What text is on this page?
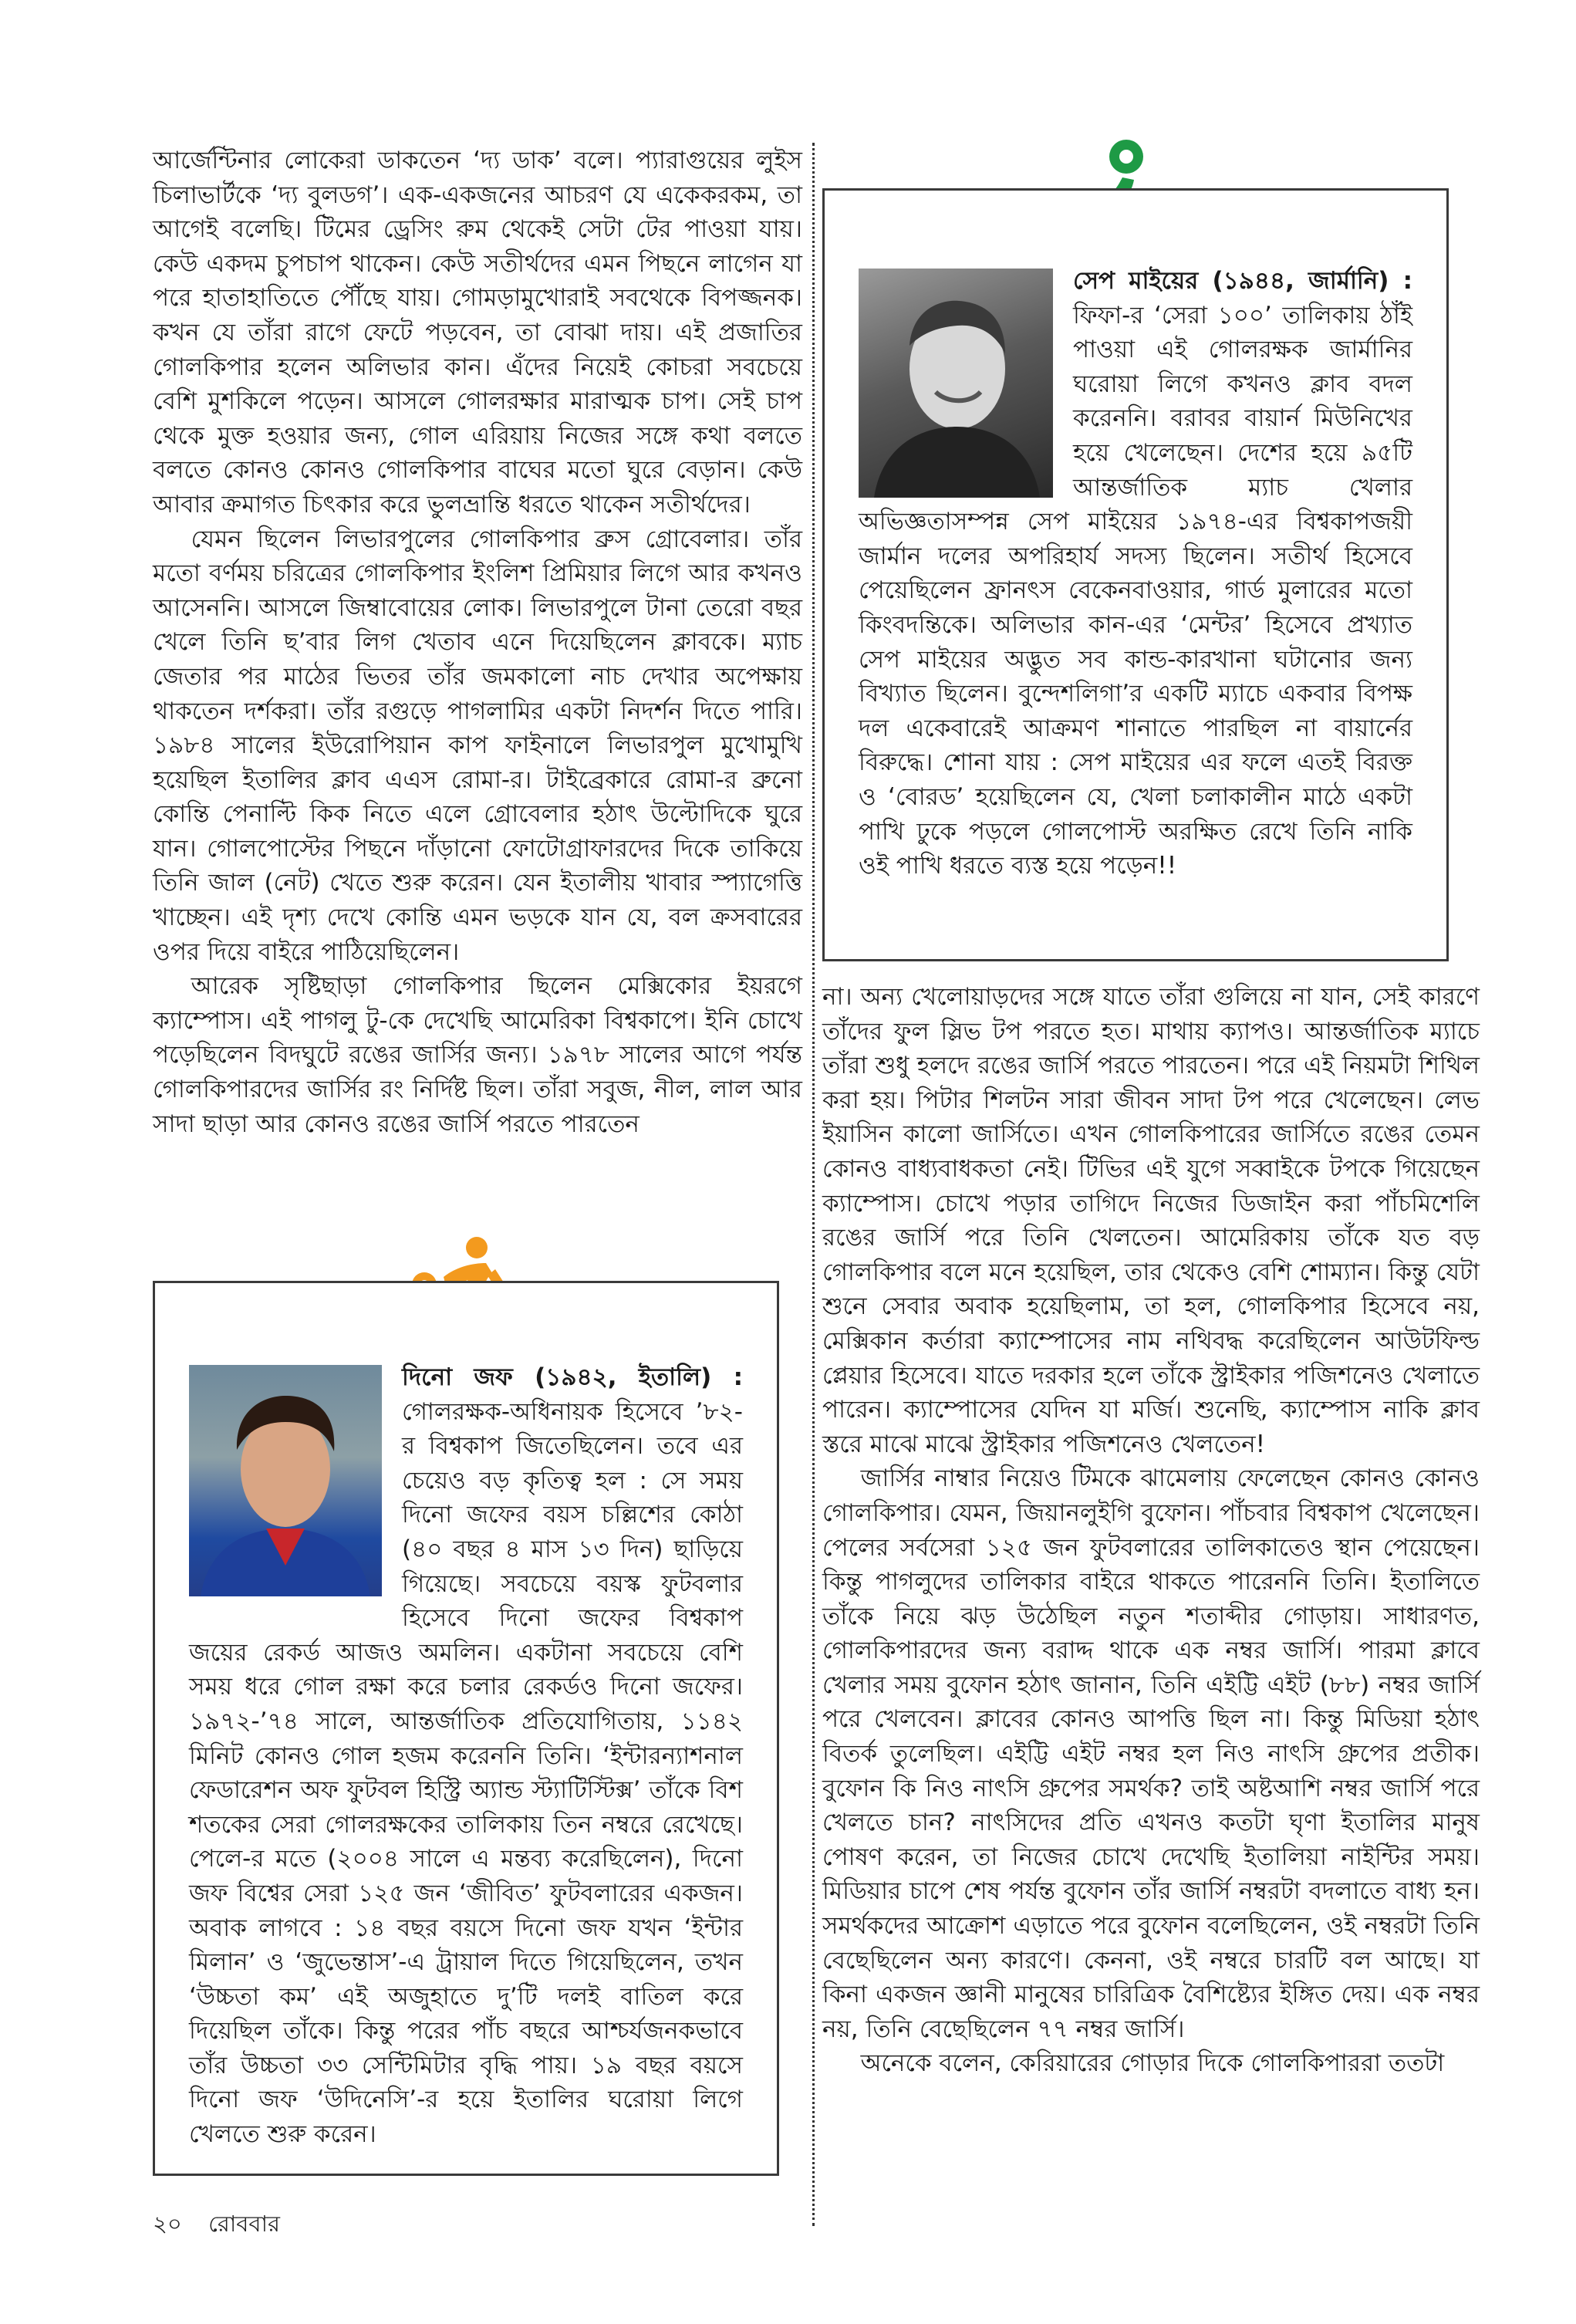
আর্জেন্টিনার লোকেরা ডাকতেন ‘দ্য ডাক’ বলে। প্যারাগুয়ের লুইস চিলাভার্টকে ‘দ্য বুলডগ’। এক-একজনের আচরণ যে একেকরকম, তা আগেই বলেছি। টিমের ড্রেসিং রুম থেকেই সেটা টের পাওয়া যায়। কেউ একদম চুপচাপ থাকেন। কেউ সতীর্থদের এমন পিছনে লাগেন যা পরে হাতাহাতিতে পৌঁছে যায়। গোমড়ামুখোরাই সবথেকে বিপজ্জনক। কখন যে তাঁরা রাগে ফেটে পড়বেন, তা বোঝা দায়। এই প্রজাতির গোলকিপার হলেন অলিভার কান। এঁদের নিয়েই কোচরা সবচেয়ে বেশি মুশকিলে পড়েন। আসলে গোলরক্ষার মারাত্মক চাপ। সেই চাপ থেকে মুক্ত হওয়ার জন্য, গোল এরিয়ায় নিজের সঙ্গে কথা বলতে বলতে কোনও কোনও গোলকিপার বাঘের মতো ঘুরে বেড়ান। কেউ আবার ক্রমাগত চিৎকার করে ভুলভ্রান্তি ধরতে থাকেন সতীর্থদের।

যেমন ছিলেন লিভারপুলের গোলকিপার ব্রুস গ্রোবেলার। তাঁর মতো বর্ণময় চরিত্রের গোলকিপার ইংলিশ প্রিমিয়ার লিগে আর কখনও আসেননি। আসলে জিম্বাবোয়ের লোক। লিভারপুলে টানা তেরো বছর খেলে তিনি ছ’বার লিগ খেতাব এনে দিয়েছিলেন ক্লাবকে। ম্যাচ জেতার পর মাঠের ভিতর তাঁর জমকালো নাচ দেখার অপেক্ষায় থাকতেন দর্শকরা। তাঁর রগুড়ে পাগলামির একটা নিদর্শন দিতে পারি। ১৯৮৪ সালের ইউরোপিয়ান কাপ ফাইনালে লিভারপুল মুখোমুখি হয়েছিল ইতালির ক্লাব এএস রোমা-র। টাইব্রেকারে রোমা-র ব্রুনো কোন্তি পেনাল্টি কিক নিতে এলে গ্রোবেলার হঠাৎ উল্টোদিকে ঘুরে যান। গোলপোস্টের পিছনে দাঁড়ানো ফোটোগ্রাফারদের দিকে তাকিয়ে তিনি জাল (নেট) খেতে শুরু করেন। যেন ইতালীয় খাবার স্প্যাগেত্তি খাচ্ছেন। এই দৃশ্য দেখে কোন্তি এমন ভড়কে যান যে, বল ক্রসবারের ওপর দিয়ে বাইরে পাঠিয়েছিলেন।

আরেক সৃষ্টিছাড়া গোলকিপার ছিলেন মেক্সিকোর ইয়রগে ক্যাম্পোস। এই পাগলু টু-কে দেখেছি আমেরিকা বিশ্বকাপে। ইনি চোখে পড়েছিলেন বিদঘুটে রঙের জার্সির জন্য। ১৯৭৮ সালের আগে পর্যন্ত গোলকিপারদের জার্সির রং নির্দিষ্ট ছিল। তাঁরা সবুজ, নীল, লাল আর সাদা ছাড়া আর কোনও রঙের জার্সি পরতে পারতেন

সেপ মাইয়ের (১৯৪৪, জার্মানি) : ফিফা-র ‘সেরা ১০০’ তালিকায় ঠাঁই পাওয়া এই গোলরক্ষক জার্মানির ঘরোয়া লিগে কখনও ক্লাব বদল করেননি। বরাবর বায়ার্ন মিউনিখের হয়ে খেলেছেন। দেশের হয়ে ৯৫টি আন্তর্জাতিক ম্যাচ খেলার অভিজ্ঞতাসম্পন্ন সেপ মাইয়ের ১৯৭৪-এর বিশ্বকাপজয়ী জার্মান দলের অপরিহার্য সদস্য ছিলেন। সতীর্থ হিসেবে পেয়েছিলেন ফ্রানৎস বেকেনবাওয়ার, গার্ড মুলারের মতো কিংবদন্তিকে। অলিভার কান-এর ‘মেন্টর’ হিসেবে প্রখ্যাত সেপ মাইয়ের অদ্ভুত সব কান্ড-কারখানা ঘটানোর জন্য বিখ্যাত ছিলেন। বুন্দেশলিগা’র একটি ম্যাচে একবার বিপক্ষ দল একেবারেই আক্রমণ শানাতে পারছিল না বায়ার্নের বিরুদ্ধে। শোনা যায় : সেপ মাইয়ের এর ফলে এতই বিরক্ত ও ‘বোরড’ হয়েছিলেন যে, খেলা চলাকালীন মাঠে একটা পাখি ঢুকে পড়লে গোলপোস্ট অরক্ষিত রেখে তিনি নাকি ওই পাখি ধরতে ব্যস্ত হয়ে পড়েন!!

দিনো জফ (১৯৪২, ইতালি) : গোলরক্ষক-অধিনায়ক হিসেবে ’৮২-র বিশ্বকাপ জিতেছিলেন। তবে এর চেয়েও বড় কৃতিত্ব হল : সে সময় দিনো জফের বয়স চল্লিশের কোঠা (৪০ বছর ৪ মাস ১৩ দিন) ছাড়িয়ে গিয়েছে। সবচেয়ে বয়স্ক ফুটবলার হিসেবে দিনো জফের বিশ্বকাপ জয়ের রেকর্ড আজও অমলিন। একটানা সবচেয়ে বেশি সময় ধরে গোল রক্ষা করে চলার রেকর্ডও দিনো জফের। ১৯৭২-’৭৪ সালে, আন্তর্জাতিক প্রতিযোগিতায়, ১১৪২ মিনিট কোনও গোল হজম করেননি তিনি। ‘ইন্টারন্যাশনাল ফেডারেশন অফ ফুটবল হিস্ট্রি অ্যান্ড স্ট্যাটিস্টিক্স’ তাঁকে বিশ শতকের সেরা গোলরক্ষকের তালিকায় তিন নম্বরে রেখেছে। পেলে-র মতে (২০০৪ সালে এ মন্তব্য করেছিলেন), দিনো জফ বিশ্বের সেরা ১২৫ জন ‘জীবিত’ ফুটবলারের একজন। অবাক লাগবে : ১৪ বছর বয়সে দিনো জফ যখন ‘ইন্টার মিলান’ ও ‘জুভেন্তাস’-এ ট্রায়াল দিতে গিয়েছিলেন, তখন ‘উচ্চতা কম’ এই অজুহাতে দু’টি দলই বাতিল করে দিয়েছিল তাঁকে। কিন্তু পরের পাঁচ বছরে আশ্চর্যজনকভাবে তাঁর উচ্চতা ৩৩ সেন্টিমিটার বৃদ্ধি পায়। ১৯ বছর বয়সে দিনো জফ ‘উদিনেসি’-র হয়ে ইতালির ঘরোয়া লিগে খেলতে শুরু করেন।

না। অন্য খেলোয়াড়দের সঙ্গে যাতে তাঁরা গুলিয়ে না যান, সেই কারণে তাঁদের ফুল স্লিভ টপ পরতে হত। মাথায় ক্যাপও। আন্তর্জাতিক ম্যাচে তাঁরা শুধু হলদে রঙের জার্সি পরতে পারতেন। পরে এই নিয়মটা শিথিল করা হয়। পিটার শিলটন সারা জীবন সাদা টপ পরে খেলেছেন। লেভ ইয়াসিন কালো জার্সিতে। এখন গোলকিপারের জার্সিতে রঙের তেমন কোনও বাধ্যবাধকতা নেই। টিভির এই যুগে সব্বাইকে টপকে গিয়েছেন ক্যাম্পোস। চোখে পড়ার তাগিদে নিজের ডিজাইন করা পাঁচমিশেলি রঙের জার্সি পরে তিনি খেলতেন। আমেরিকায় তাঁকে যত বড় গোলকিপার বলে মনে হয়েছিল, তার থেকেও বেশি শোম্যান। কিন্তু যেটা শুনে সেবার অবাক হয়েছিলাম, তা হল, গোলকিপার হিসেবে নয়, মেক্সিকান কর্তারা ক্যাম্পোসের নাম নথিবদ্ধ করেছিলেন আউটফিল্ড প্লেয়ার হিসেবে। যাতে দরকার হলে তাঁকে স্ট্রাইকার পজিশনেও খেলাতে পারেন। ক্যাম্পোসের যেদিন যা মর্জি। শুনেছি, ক্যাম্পোস নাকি ক্লাব স্তরে মাঝে মাঝে স্ট্রাইকার পজিশনেও খেলতেন!

জার্সির নাম্বার নিয়েও টিমকে ঝামেলায় ফেলেছেন কোনও কোনও গোলকিপার। যেমন, জিয়ানলুইগি বুফোন। পাঁচবার বিশ্বকাপ খেলেছেন। পেলের সর্বসেরা ১২৫ জন ফুটবলারের তালিকাতেও স্থান পেয়েছেন। কিন্তু পাগলুদের তালিকার বাইরে থাকতে পারেননি তিনি। ইতালিতে তাঁকে নিয়ে ঝড় উঠেছিল নতুন শতাব্দীর গোড়ায়। সাধারণত, গোলকিপারদের জন্য বরাদ্দ থাকে এক নম্বর জার্সি। পারমা ক্লাবে খেলার সময় বুফোন হঠাৎ জানান, তিনি এইট্টি এইট (৮৮) নম্বর জার্সি পরে খেলবেন। ক্লাবের কোনও আপত্তি ছিল না। কিন্তু মিডিয়া হঠাৎ বিতর্ক তুলেছিল। এইট্টি এইট নম্বর হল নিও নাৎসি গ্রুপের প্রতীক। বুফোন কি নিও নাৎসি গ্রুপের সমর্থক? তাই অষ্টআশি নম্বর জার্সি পরে খেলতে চান? নাৎসিদের প্রতি এখনও কতটা ঘৃণা ইতালির মানুষ পোষণ করেন, তা নিজের চোখে দেখেছি ইতালিয়া নাইন্টির সময়। মিডিয়ার চাপে শেষ পর্যন্ত বুফোন তাঁর জার্সি নম্বরটা বদলাতে বাধ্য হন। সমর্থকদের আক্রোশ এড়াতে পরে বুফোন বলেছিলেন, ওই নম্বরটা তিনি বেছেছিলেন অন্য কারণে। কেননা, ওই নম্বরে চারটি বল আছে। যা কিনা একজন জ্ঞানী মানুষের চারিত্রিক বৈশিষ্ট্যের ইঙ্গিত দেয়। এক নম্বর নয়, তিনি বেছেছিলেন ৭৭ নম্বর জার্সি।

অনেকে বলেন, কেরিয়ারের গোড়ার দিকে গোলকিপাররা ততটা

২০ রোববার
